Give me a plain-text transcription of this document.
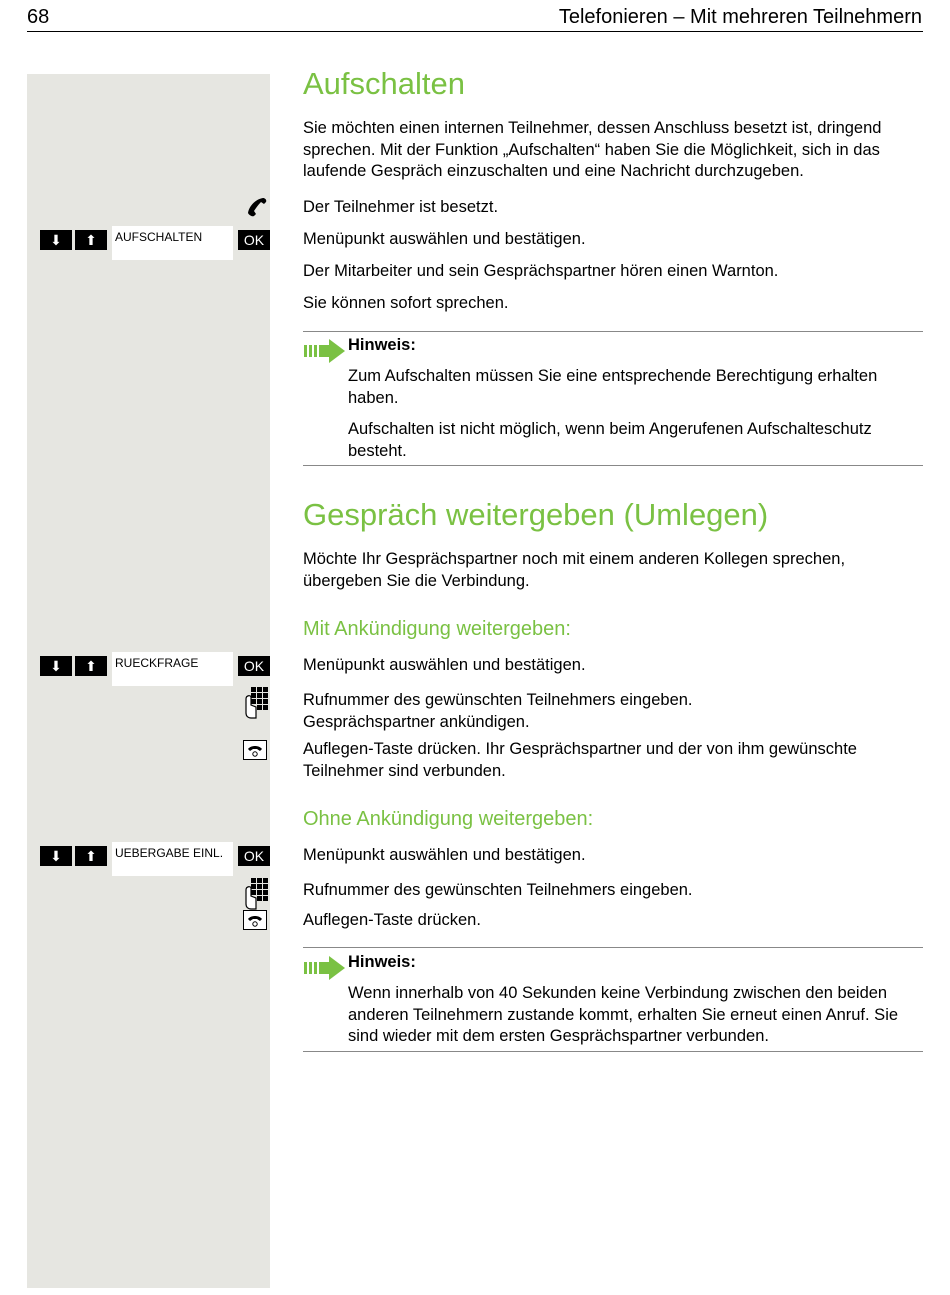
68	Telefonieren – Mit mehreren Teilnehmern
Aufschalten
Sie möchten einen internen Teilnehmer, dessen Anschluss besetzt ist, dringend sprechen. Mit der Funktion „Aufschalten“ haben Sie die Möglichkeit, sich in das laufende Gespräch einzuschalten und eine Nachricht durchzugeben.
Der Teilnehmer ist besetzt.
⬇	⬆	AUFSCHALTEN	OK	Menüpunkt auswählen und bestätigen.
Der Mitarbeiter und sein Gesprächspartner hören einen Warnton.
Sie können sofort sprechen.
Hinweis:
Zum Aufschalten müssen Sie eine entsprechende Berechtigung erhalten haben.
Aufschalten ist nicht möglich, wenn beim Angerufenen Aufschalteschutz besteht.
Gespräch weitergeben (Umlegen)
Möchte Ihr Gesprächspartner noch mit einem anderen Kollegen sprechen, übergeben Sie die Verbindung.
Mit Ankündigung weitergeben:
⬇	⬆	RUECKFRAGE	OK	Menüpunkt auswählen und bestätigen.
Rufnummer des gewünschten Teilnehmers eingeben.
Gesprächspartner ankündigen.
Auflegen-Taste drücken. Ihr Gesprächspartner und der von ihm gewünschte Teilnehmer sind verbunden.
Ohne Ankündigung weitergeben:
⬇	⬆	UEBERGABE EINL.	OK	Menüpunkt auswählen und bestätigen.
Rufnummer des gewünschten Teilnehmers eingeben.
Auflegen-Taste drücken.
Hinweis:
Wenn innerhalb von 40 Sekunden keine Verbindung zwischen den beiden anderen Teilnehmern zustande kommt, erhalten Sie erneut einen Anruf. Sie sind wieder mit dem ersten Gesprächspartner verbunden.
